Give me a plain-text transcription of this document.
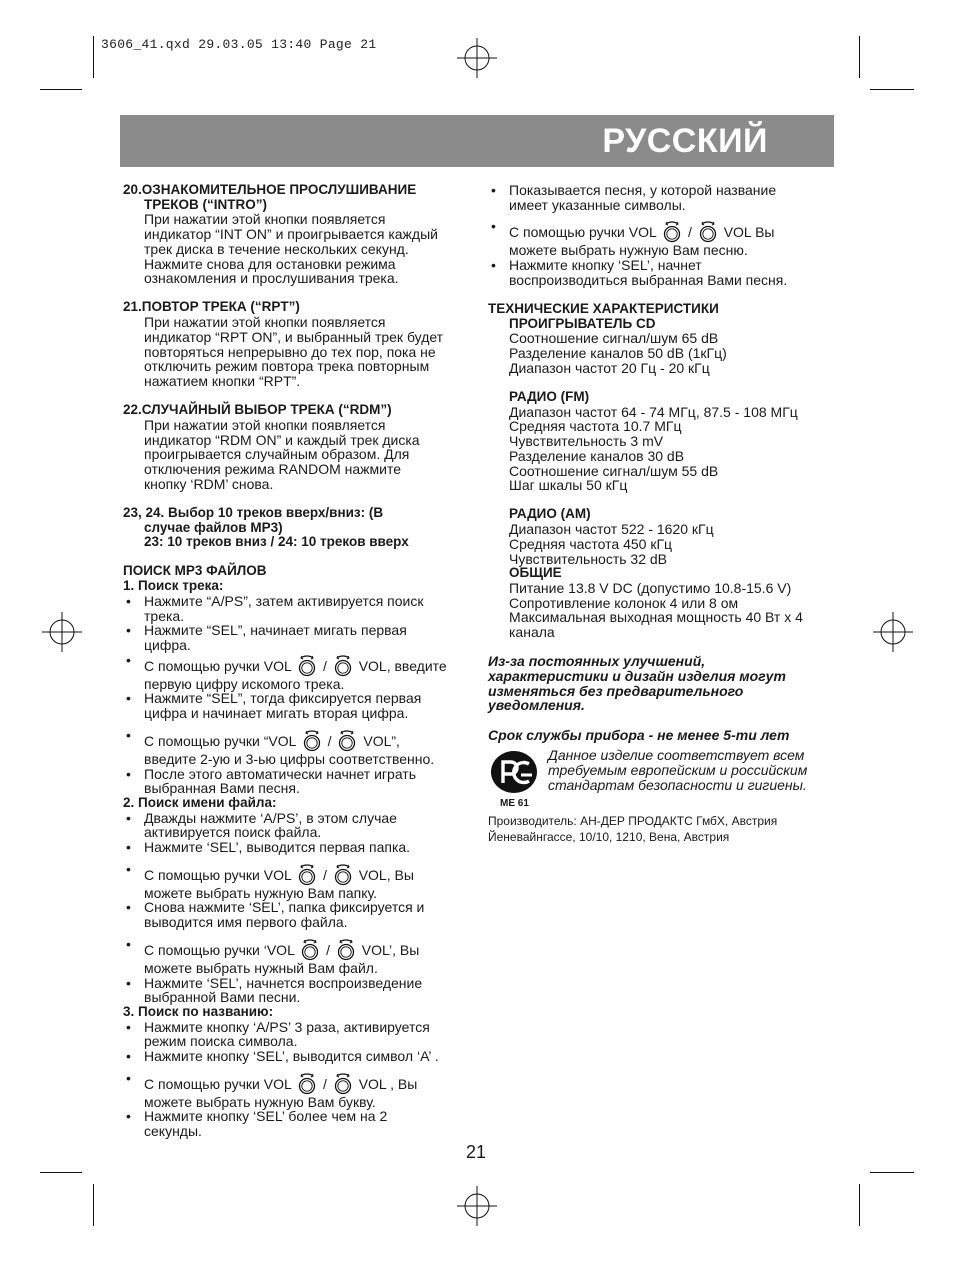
3606_41.qxd 29.03.05 13:40 Page 21
РУССКИЙ
20.ОЗНАКОМИТЕЛЬНОЕ ПРОСЛУШИВАНИЕ
ТРЕКОВ (“INTRO”)
При нажатии этой кнопки появляется
индикатор “INT ON” и проигрывается каждый
трек диска в течение нескольких секунд.
Нажмите снова для остановки режима
ознакомления и прослушивания трека.
21.ПОВТОР ТРЕКА (“RPT”)
При нажатии этой кнопки появляется
индикатор “RPT ON”, и выбранный трек будет
повторяться непрерывно до тех пор, пока не
отключить режим повтора трека повторным
нажатием кнопки “RPT”.
22.СЛУЧАЙНЫЙ ВЫБОР ТРЕКА (“RDM”)
При нажатии этой кнопки появляется
индикатор “RDM ON” и каждый трек диска
проигрывается случайным образом. Для
отключения режима RANDOM нажмите
кнопку ‘RDM’ снова.
23, 24. Выбор 10 треков вверх/вниз: (В
случае файлов MP3)
23: 10 треков вниз / 24: 10 треков вверх
ПОИСК MP3 ФАЙЛОВ
1. Поиск трека:
• Нажмите “A/PS”, затем активируется поиск
трека.
• Нажмите “SEL”, начинает мигать первая
цифра.
• С помощью ручки VOL  /  VOL, введите
первую цифру искомого трека.
• Нажмите “SEL”, тогда фиксируется первая
цифра и начинает мигать вторая цифра.
• С помощью ручки “VOL  /  VOL”,
введите 2-ую и 3-ью цифры соответственно.
• После этого автоматически начнет играть
выбранная Вами песня.
2. Поиск имени файла:
• Дважды нажмите ‘A/PS’, в этом случае
активируется поиск файла.
• Нажмите ‘SEL’, выводится первая папка.
• С помощью ручки VOL  /  VOL, Вы
можете выбрать нужную Вам папку.
• Снова нажмите ‘SEL’, папка фиксируется и
выводится имя первого файла.
• С помощью ручки ‘VOL  /  VOL’, Вы
можете выбрать нужный Вам файл.
• Нажмите ‘SEL’, начнется воспроизведение
выбранной Вами песни.
3. Поиск по названию:
• Нажмите кнопку ‘A/PS’ 3 раза, активируется
режим поиска символа.
• Нажмите кнопку ‘SEL’, выводится символ ‘A’ .
• С помощью ручки VOL  /  VOL , Вы
можете выбрать нужную Вам букву.
• Нажмите кнопку ‘SEL’ более чем на 2
секунды.
• Показывается песня, у которой название
имеет указанные символы.
• С помощью ручки VOL  /  VOL Вы
можете выбрать нужную Вам песню.
• Нажмите кнопку ‘SEL’, начнет
воспроизводиться выбранная Вами песня.
ТЕХНИЧЕСКИЕ ХАРАКТЕРИСТИКИ
ПРОИГРЫВАТЕЛЬ CD
Соотношение сигнал/шум 65 dB
Разделение каналов 50 dB (1кГц)
Диапазон частот 20 Гц - 20 кГц
РАДИО (FM)
Диапазон частот 64 - 74 МГц, 87.5 - 108 МГц
Средняя частота 10.7 МГц
Чувствительность 3 mV
Разделение каналов 30 dB
Соотношение сигнал/шум 55 dB
Шаг шкалы 50 кГц
РАДИО (AM)
Диапазон частот 522 - 1620 кГц
Средняя частота 450 кГц
Чувствительность 32 dB
ОБЩИЕ
Питание 13.8 V DC (допустимо 10.8-15.6 V)
Сопротивление колонок 4 или 8 ом
Максимальная выходная мощность 40 Вт x 4
канала
Из-за постоянных улучшений,
характеристики и дизайн изделия могут
изменяться без предварительного
уведомления.
Срок службы прибора - не менее 5-ти лет
ME 61
Данное изделие соответствует всем
требуемым европейским и российским
стандартам безопасности и гигиены.
Производитель: АН-ДЕР ПРОДАКТС ГмбХ, Австрия
Йеневайнгассе, 10/10, 1210, Вена, Австрия
21
